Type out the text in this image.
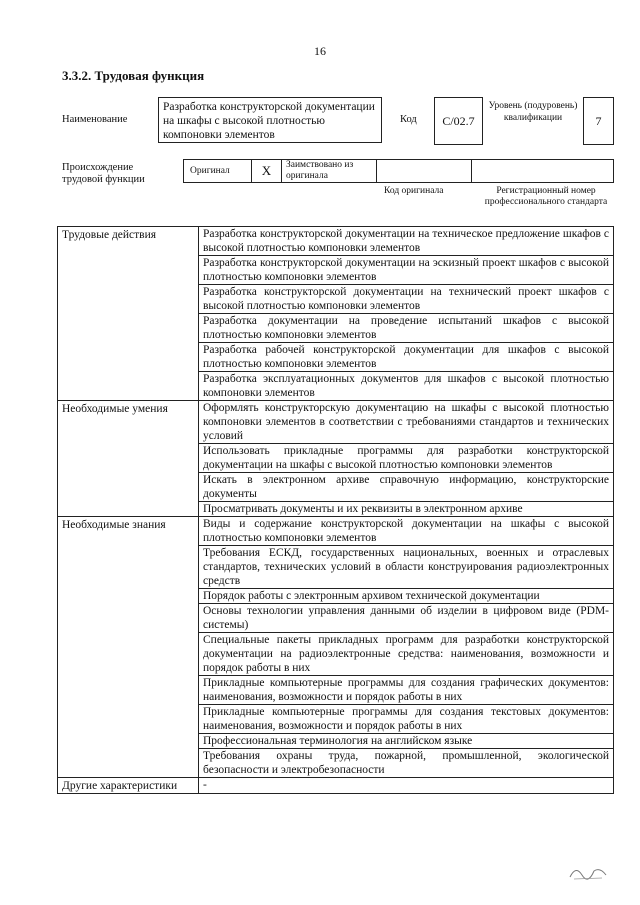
16
3.3.2. Трудовая функция
Наименование
Разработка конструкторской документации на шкафы с высокой плотностью компоновки элементов
Код	C/02.7
Уровень (подуровень) квалификации	7
Происхождение трудовой функции
Оригинал	X	Заимствовано из оригинала
Код оригинала	Регистрационный номер профессионального стандарта
Трудовые действия	Разработка конструкторской документации на техническое предложение шкафов с высокой плотностью компоновки элементов
	Разработка конструкторской документации на эскизный проект шкафов с высокой плотностью компоновки элементов
	Разработка конструкторской документации на технический проект шкафов с высокой плотностью компоновки элементов
	Разработка документации на проведение испытаний шкафов с высокой плотностью компоновки элементов
	Разработка рабочей конструкторской документации для шкафов с высокой плотностью компоновки элементов
	Разработка эксплуатационных документов для шкафов с высокой плотностью компоновки элементов
Необходимые умения	Оформлять конструкторскую документацию на шкафы с высокой плотностью компоновки элементов в соответствии с требованиями стандартов и технических условий
	Использовать прикладные программы для разработки конструкторской документации на шкафы с высокой плотностью компоновки элементов
	Искать в электронном архиве справочную информацию, конструкторские документы
	Просматривать документы и их реквизиты в электронном архиве
Необходимые знания	Виды и содержание конструкторской документации на шкафы с высокой плотностью компоновки элементов
	Требования ЕСКД, государственных национальных, военных и отраслевых стандартов, технических условий в области конструирования радиоэлектронных средств
	Порядок работы с электронным архивом технической документации
	Основы технологии управления данными об изделии в цифровом виде (PDM-системы)
	Специальные пакеты прикладных программ для разработки конструкторской документации на радиоэлектронные средства: наименования, возможности и порядок работы в них
	Прикладные компьютерные программы для создания графических документов: наименования, возможности и порядок работы в них
	Прикладные компьютерные программы для создания текстовых документов: наименования, возможности и порядок работы в них
	Профессиональная терминология на английском языке
	Требования охраны труда, пожарной, промышленной, экологической безопасности и электробезопасности
Другие характеристики	-
